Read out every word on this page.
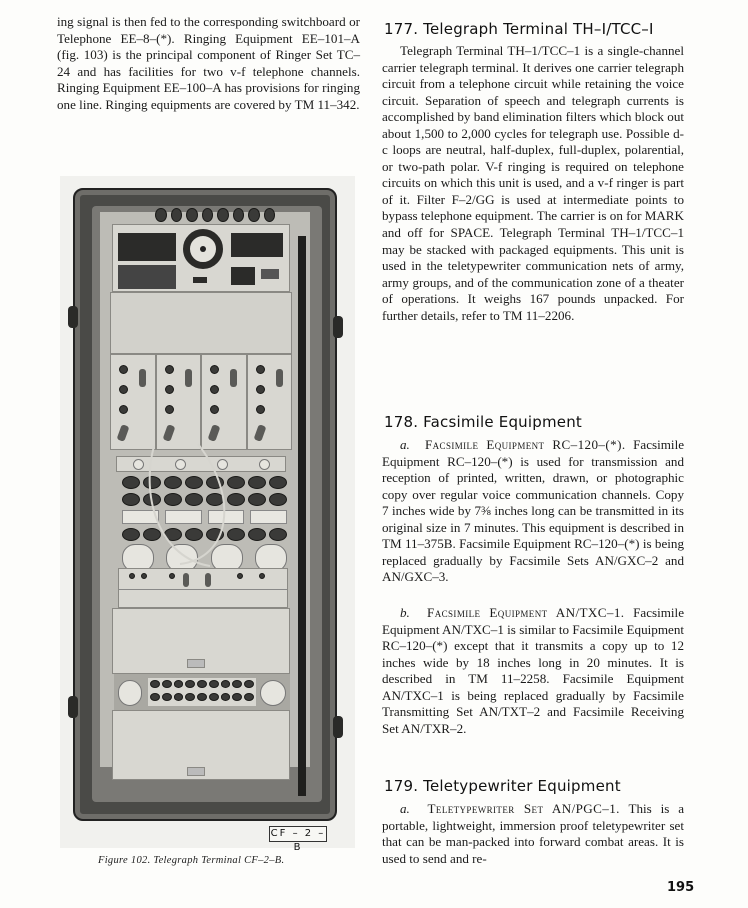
ing signal is then fed to the corresponding switchboard or Telephone EE–8–(*). Ringing Equipment EE–101–A (fig. 103) is the principal component of Ringer Set TC–24 and has facilities for two v-f telephone channels. Ringing Equipment EE–100–A has provisions for ringing one line. Ringing equipments are covered by TM 11–342.

CF – 2 – B
Figure 102. Telegraph Terminal CF–2–B.
177. Telegraph Terminal TH–I/TCC–I

Telegraph Terminal TH–1/TCC–1 is a single-channel carrier telegraph terminal. It derives one carrier telegraph circuit from a telephone circuit while retaining the voice circuit. Separation of speech and telegraph currents is accomplished by band elimination filters which block out about 1,500 to 2,000 cycles for telegraph use. Possible d-c loops are neutral, half-duplex, full-duplex, polarential, or two-path polar. V-f ringing is required on telephone circuits on which this unit is used, and a v-f ringer is part of it. Filter F–2/GG is used at intermediate points to bypass telephone equipment. The carrier is on for MARK and off for SPACE. Telegraph Terminal TH–1/TCC–1 may be stacked with packaged equipments. This unit is used in the teletypewriter communication nets of army, army groups, and of the communication zone of a theater of operations. It weighs 167 pounds unpacked. For further details, refer to TM 11–2206.

178. Facsimile Equipment

a. Facsimile Equipment RC–120–(*). Facsimile Equipment RC–120–(*) is used for transmission and reception of printed, written, drawn, or photographic copy over regular voice communication channels. Copy 7 inches wide by 7⅜ inches long can be transmitted in its original size in 7 minutes. This equipment is described in TM 11–375B. Facsimile Equipment RC–120–(*) is being replaced gradually by Facsimile Sets AN/GXC–2 and AN/GXC–3.

b. Facsimile Equipment AN/TXC–1. Facsimile Equipment AN/TXC–1 is similar to Facsimile Equipment RC–120–(*) except that it transmits a copy up to 12 inches wide by 18 inches long in 20 minutes. It is described in TM 11–2258. Facsimile Equipment AN/TXC–1 is being replaced gradually by Facsimile Transmitting Set AN/TXT–2 and Facsimile Receiving Set AN/TXR–2.

179. Teletypewriter Equipment

a. Teletypewriter Set AN/PGC–1. This is a portable, lightweight, immersion proof teletypewriter set that can be man-packed into forward combat areas. It is used to send and re-

195
